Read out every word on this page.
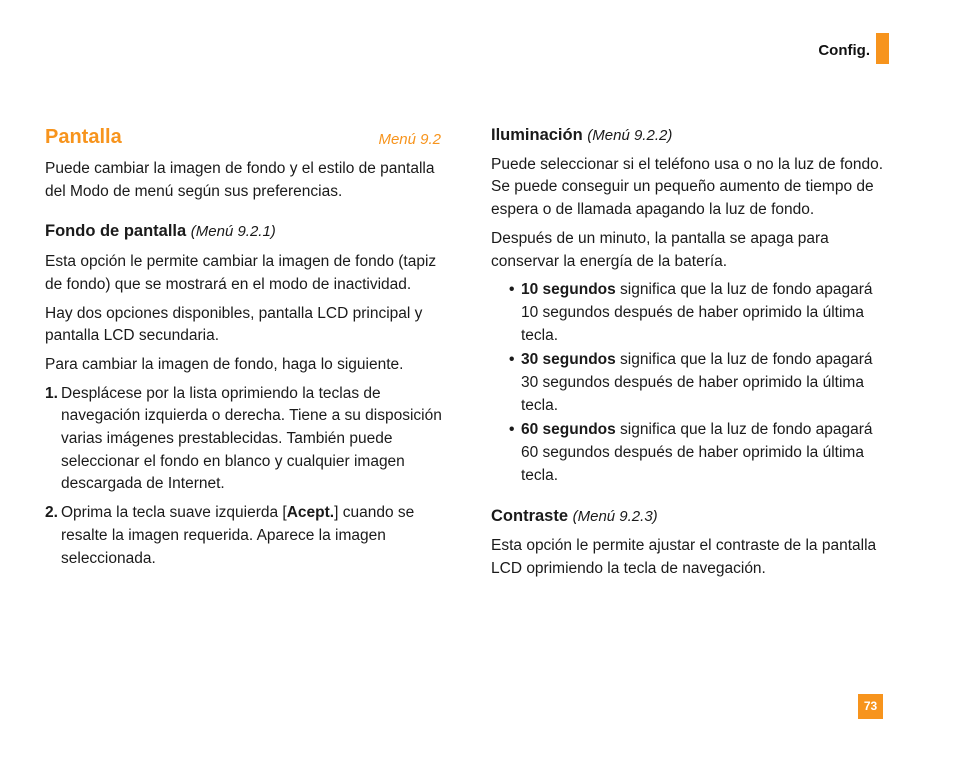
Config.
Pantalla	Menú 9.2

Puede cambiar la imagen de fondo y el estilo de pantalla del Modo de menú según sus preferencias.

Fondo de pantalla (Menú 9.2.1)

Esta opción le permite cambiar la imagen de fondo (tapiz de fondo) que se mostrará en el modo de inactividad.

Hay dos opciones disponibles, pantalla LCD principal y pantalla LCD secundaria.

Para cambiar la imagen de fondo, haga lo siguiente.

1. Desplácese por la lista oprimiendo la teclas de navegación izquierda o derecha. Tiene a su disposición varias imágenes prestablecidas. También puede seleccionar el fondo en blanco y cualquier imagen descargada de Internet.
2. Oprima la tecla suave izquierda [Acept.] cuando se resalte la imagen requerida. Aparece la imagen seleccionada.
Iluminación (Menú 9.2.2)

Puede seleccionar si el teléfono usa o no la luz de fondo. Se puede conseguir un pequeño aumento de tiempo de espera o de llamada apagando la luz de fondo.

Después de un minuto, la pantalla se apaga para conservar la energía de la batería.

• 10 segundos significa que la luz de fondo apagará 10 segundos después de haber oprimido la última tecla.
• 30 segundos significa que la luz de fondo apagará 30 segundos después de haber oprimido la última tecla.
• 60 segundos significa que la luz de fondo apagará 60 segundos después de haber oprimido la última tecla.
Contraste (Menú 9.2.3)

Esta opción le permite ajustar el contraste de la pantalla LCD oprimiendo la tecla de navegación.

73
